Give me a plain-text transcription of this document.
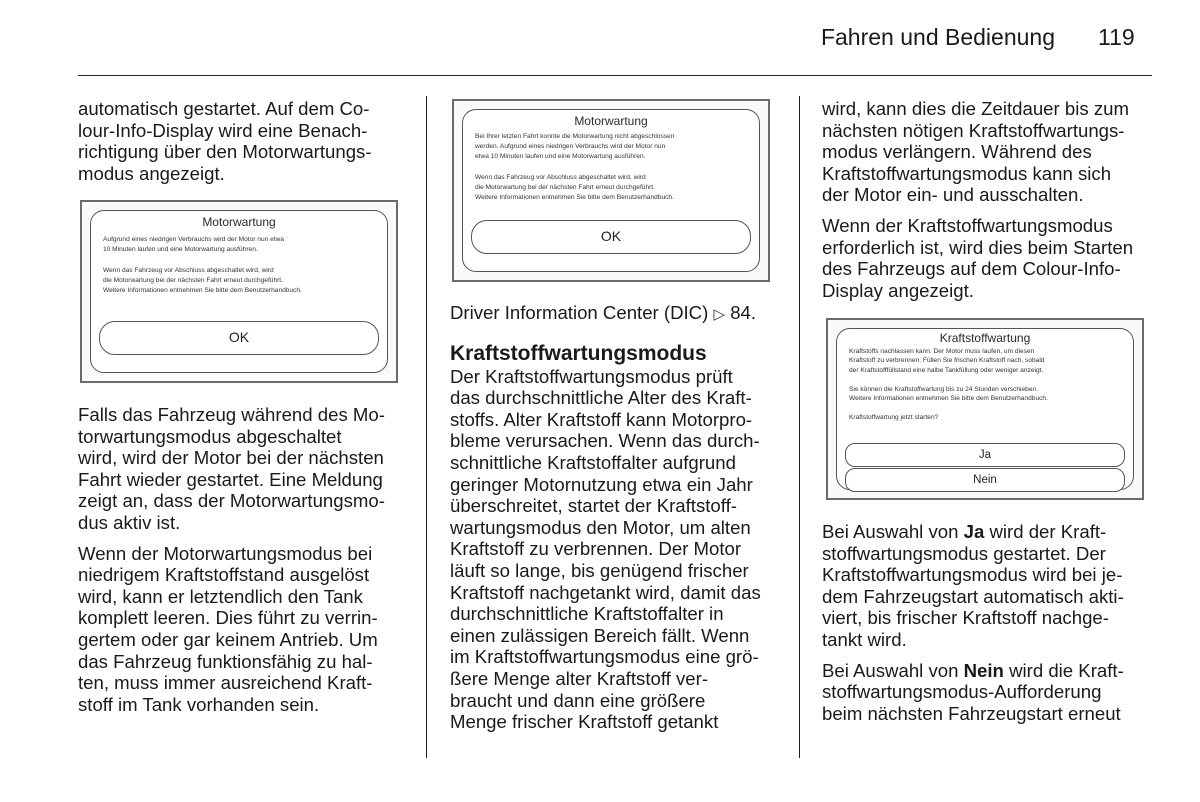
Fahren und Bedienung 119

automatisch gestartet. Auf dem Co-
lour-Info-Display wird eine Benach-
richtigung über den Motorwartungs-
modus angezeigt.

Motorwartung
Aufgrund eines niedrigen Verbrauchs wird der Motor nun etwa
10 Minuten laufen und eine Motorwartung ausführen.

Wenn das Fahrzeug vor Abschluss abgeschaltet wird, wird
die Motorwartung bei der nächsten Fahrt erneut durchgeführt.
Weitere Informationen entnehmen Sie bitte dem Benutzerhandbuch.
OK

Falls das Fahrzeug während des Mo-
torwartungsmodus abgeschaltet
wird, wird der Motor bei der nächsten
Fahrt wieder gestartet. Eine Meldung
zeigt an, dass der Motorwartungsmo-
dus aktiv ist.

Wenn der Motorwartungsmodus bei
niedrigem Kraftstoffstand ausgelöst
wird, kann er letztendlich den Tank
komplett leeren. Dies führt zu verrin-
gertem oder gar keinem Antrieb. Um
das Fahrzeug funktionsfähig zu hal-
ten, muss immer ausreichend Kraft-
stoff im Tank vorhanden sein.

Motorwartung
Bei Ihrer letzten Fahrt konnte die Motorwartung nicht abgeschlossen
werden. Aufgrund eines niedrigen Verbrauchs wird der Motor nun
etwa 10 Minuten laufen und eine Motorwartung ausführen.

Wenn das Fahrzeug vor Abschluss abgeschaltet wird, wird
die Motorwartung bei der nächsten Fahrt erneut durchgeführt.
Weitere Informationen entnehmen Sie bitte dem Benutzerhandbuch.
OK

Driver Information Center (DIC) ▷ 84.

Kraftstoffwartungsmodus

Der Kraftstoffwartungsmodus prüft
das durchschnittliche Alter des Kraft-
stoffs. Alter Kraftstoff kann Motorpro-
bleme verursachen. Wenn das durch-
schnittliche Kraftstoffalter aufgrund
geringer Motornutzung etwa ein Jahr
überschreitet, startet der Kraftstoff-
wartungsmodus den Motor, um alten
Kraftstoff zu verbrennen. Der Motor
läuft so lange, bis genügend frischer
Kraftstoff nachgetankt wird, damit das
durchschnittliche Kraftstoffalter in
einen zulässigen Bereich fällt. Wenn
im Kraftstoffwartungsmodus eine grö-
ßere Menge alter Kraftstoff ver-
braucht und dann eine größere
Menge frischer Kraftstoff getankt

wird, kann dies die Zeitdauer bis zum
nächsten nötigen Kraftstoffwartungs-
modus verlängern. Während des
Kraftstoffwartungsmodus kann sich
der Motor ein- und ausschalten.

Wenn der Kraftstoffwartungsmodus
erforderlich ist, wird dies beim Starten
des Fahrzeugs auf dem Colour-Info-
Display angezeigt.

Kraftstoffwartung
Kraftstoffs nachlassen kann. Der Motor muss laufen, um diesen
Kraftstoff zu verbrennen. Füllen Sie frischen Kraftstoff nach, sobald
der Kraftstofffüllstand eine halbe Tankfüllung oder weniger anzeigt.

Sie können die Kraftstoffwartung bis zu 24 Stunden verschieben.
Weitere Informationen entnehmen Sie bitte dem Benutzerhandbuch.

Kraftstoffwartung jetzt starten?
Ja
Nein

Bei Auswahl von Ja wird der Kraft-
stoffwartungsmodus gestartet. Der
Kraftstoffwartungsmodus wird bei je-
dem Fahrzeugstart automatisch akti-
viert, bis frischer Kraftstoff nachge-
tankt wird.

Bei Auswahl von Nein wird die Kraft-
stoffwartungsmodus-Aufforderung
beim nächsten Fahrzeugstart erneut
